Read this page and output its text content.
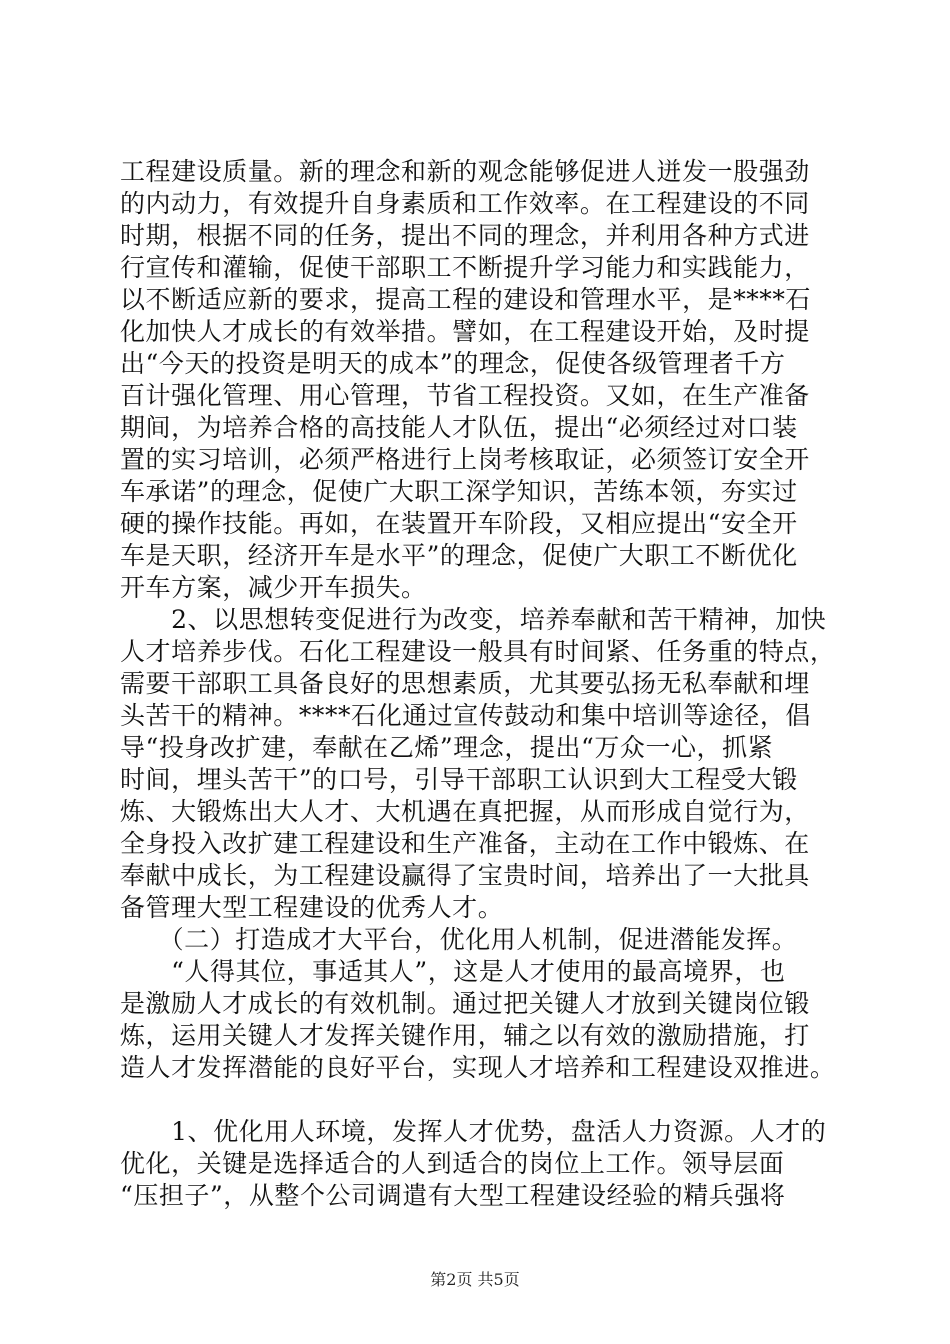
工程建设质量。新的理念和新的观念能够促进人迸发一股强劲
的内动力，有效提升自身素质和工作效率。在工程建设的不同
时期，根据不同的任务，提出不同的理念，并利用各种方式进
行宣传和灌输，促使干部职工不断提升学习能力和实践能力，
以不断适应新的要求，提高工程的建设和管理水平，是****石
化加快人才成长的有效举措。譬如，在工程建设开始，及时提
出“今天的投资是明天的成本”的理念，促使各级管理者千方
百计强化管理、用心管理，节省工程投资。又如，在生产准备
期间，为培养合格的高技能人才队伍，提出“必须经过对口装
置的实习培训，必须严格进行上岗考核取证，必须签订安全开
车承诺”的理念，促使广大职工深学知识，苦练本领，夯实过
硬的操作技能。再如，在装置开车阶段，又相应提出“安全开
车是天职，经济开车是水平”的理念，促使广大职工不断优化
开车方案，减少开车损失。
　　2、以思想转变促进行为改变，培养奉献和苦干精神，加快
人才培养步伐。石化工程建设一般具有时间紧、任务重的特点，
需要干部职工具备良好的思想素质，尤其要弘扬无私奉献和埋
头苦干的精神。****石化通过宣传鼓动和集中培训等途径，倡
导“投身改扩建，奉献在乙烯”理念，提出“万众一心，抓紧
时间，埋头苦干”的口号，引导干部职工认识到大工程受大锻
炼、大锻炼出大人才、大机遇在真把握，从而形成自觉行为，
全身投入改扩建工程建设和生产准备，主动在工作中锻炼、在
奉献中成长，为工程建设赢得了宝贵时间，培养出了一大批具
备管理大型工程建设的优秀人才。
　　（二）打造成才大平台，优化用人机制，促进潜能发挥。
　　“人得其位，事适其人”，这是人才使用的最高境界，也
是激励人才成长的有效机制。通过把关键人才放到关键岗位锻
炼，运用关键人才发挥关键作用，辅之以有效的激励措施，打
造人才发挥潜能的良好平台，实现人才培养和工程建设双推进。
　　1、优化用人环境，发挥人才优势，盘活人力资源。人才的
优化，关键是选择适合的人到适合的岗位上工作。领导层面
“压担子”，从整个公司调遣有大型工程建设经验的精兵强将
第2页 共5页
